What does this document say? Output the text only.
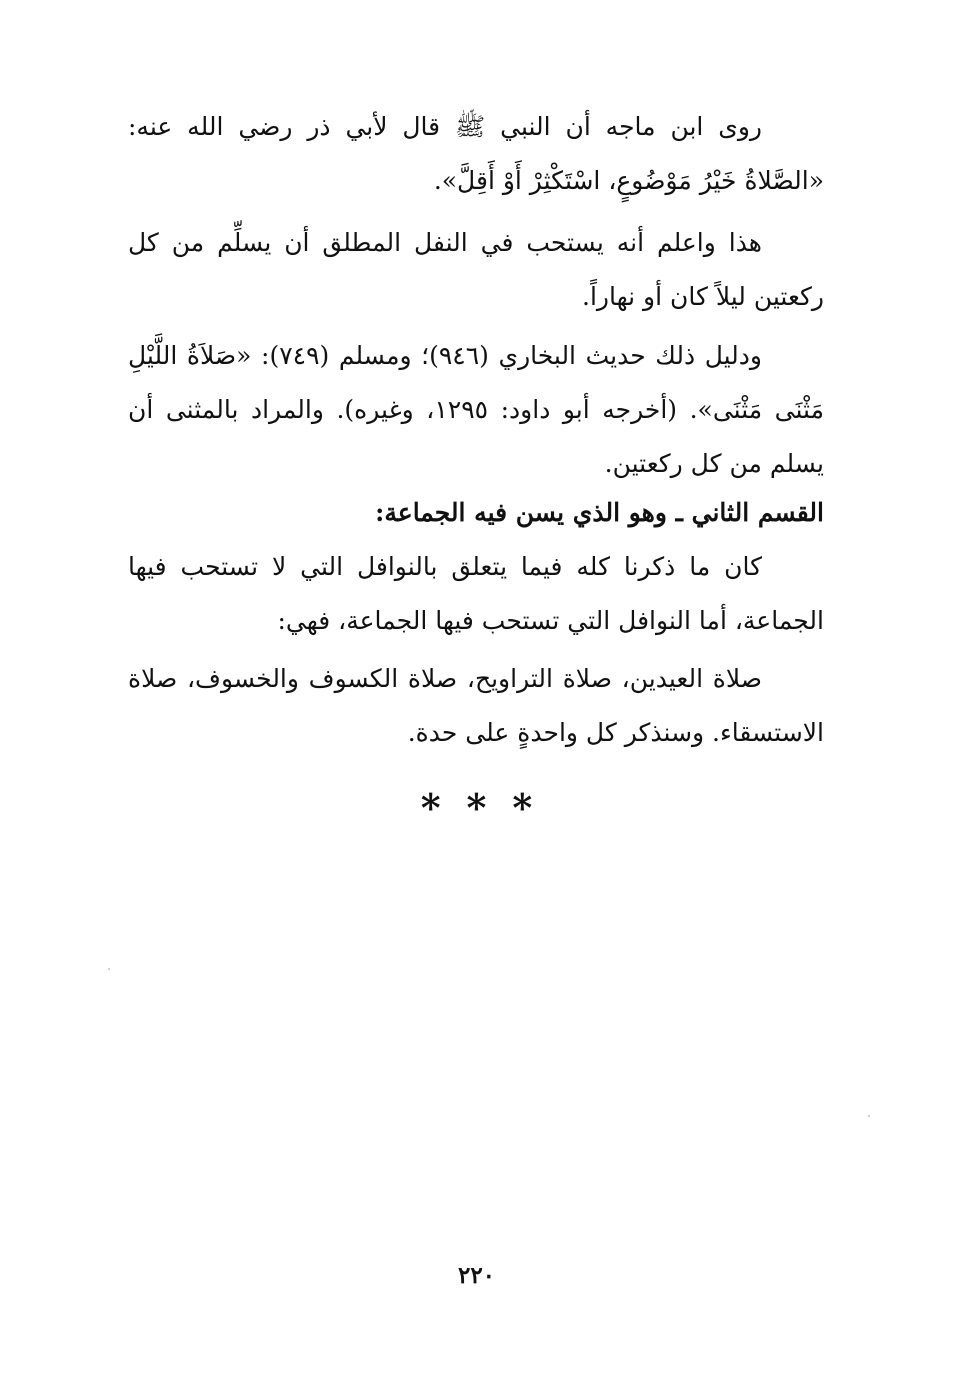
روى ابن ماجه أن النبي ﷺ قال لأبي ذر رضي الله عنه: «الصَّلاةُ خَيْرُ مَوْضُوعٍ، اسْتَكْثِرْ أَوْ أَقِلَّ».

هذا واعلم أنه يستحب في النفل المطلق أن يسلِّم من كل ركعتين ليلاً كان أو نهاراً.

ودليل ذلك حديث البخاري (٩٤٦)؛ ومسلم (٧٤٩): «صَلاَةُ اللَّيْلِ مَثْنَى مَثْنَى». (أخرجه أبو داود: ١٢٩٥، وغيره). والمراد بالمثنى أن يسلم من كل ركعتين.

القسم الثاني ـ وهو الذي يسن فيه الجماعة:

كان ما ذكرنا كله فيما يتعلق بالنوافل التي لا تستحب فيها الجماعة، أما النوافل التي تستحب فيها الجماعة، فهي:

صلاة العيدين، صلاة التراويح، صلاة الكسوف والخسوف، صلاة الاستسقاء. وسنذكر كل واحدةٍ على حدة.

***
٢٢٠
